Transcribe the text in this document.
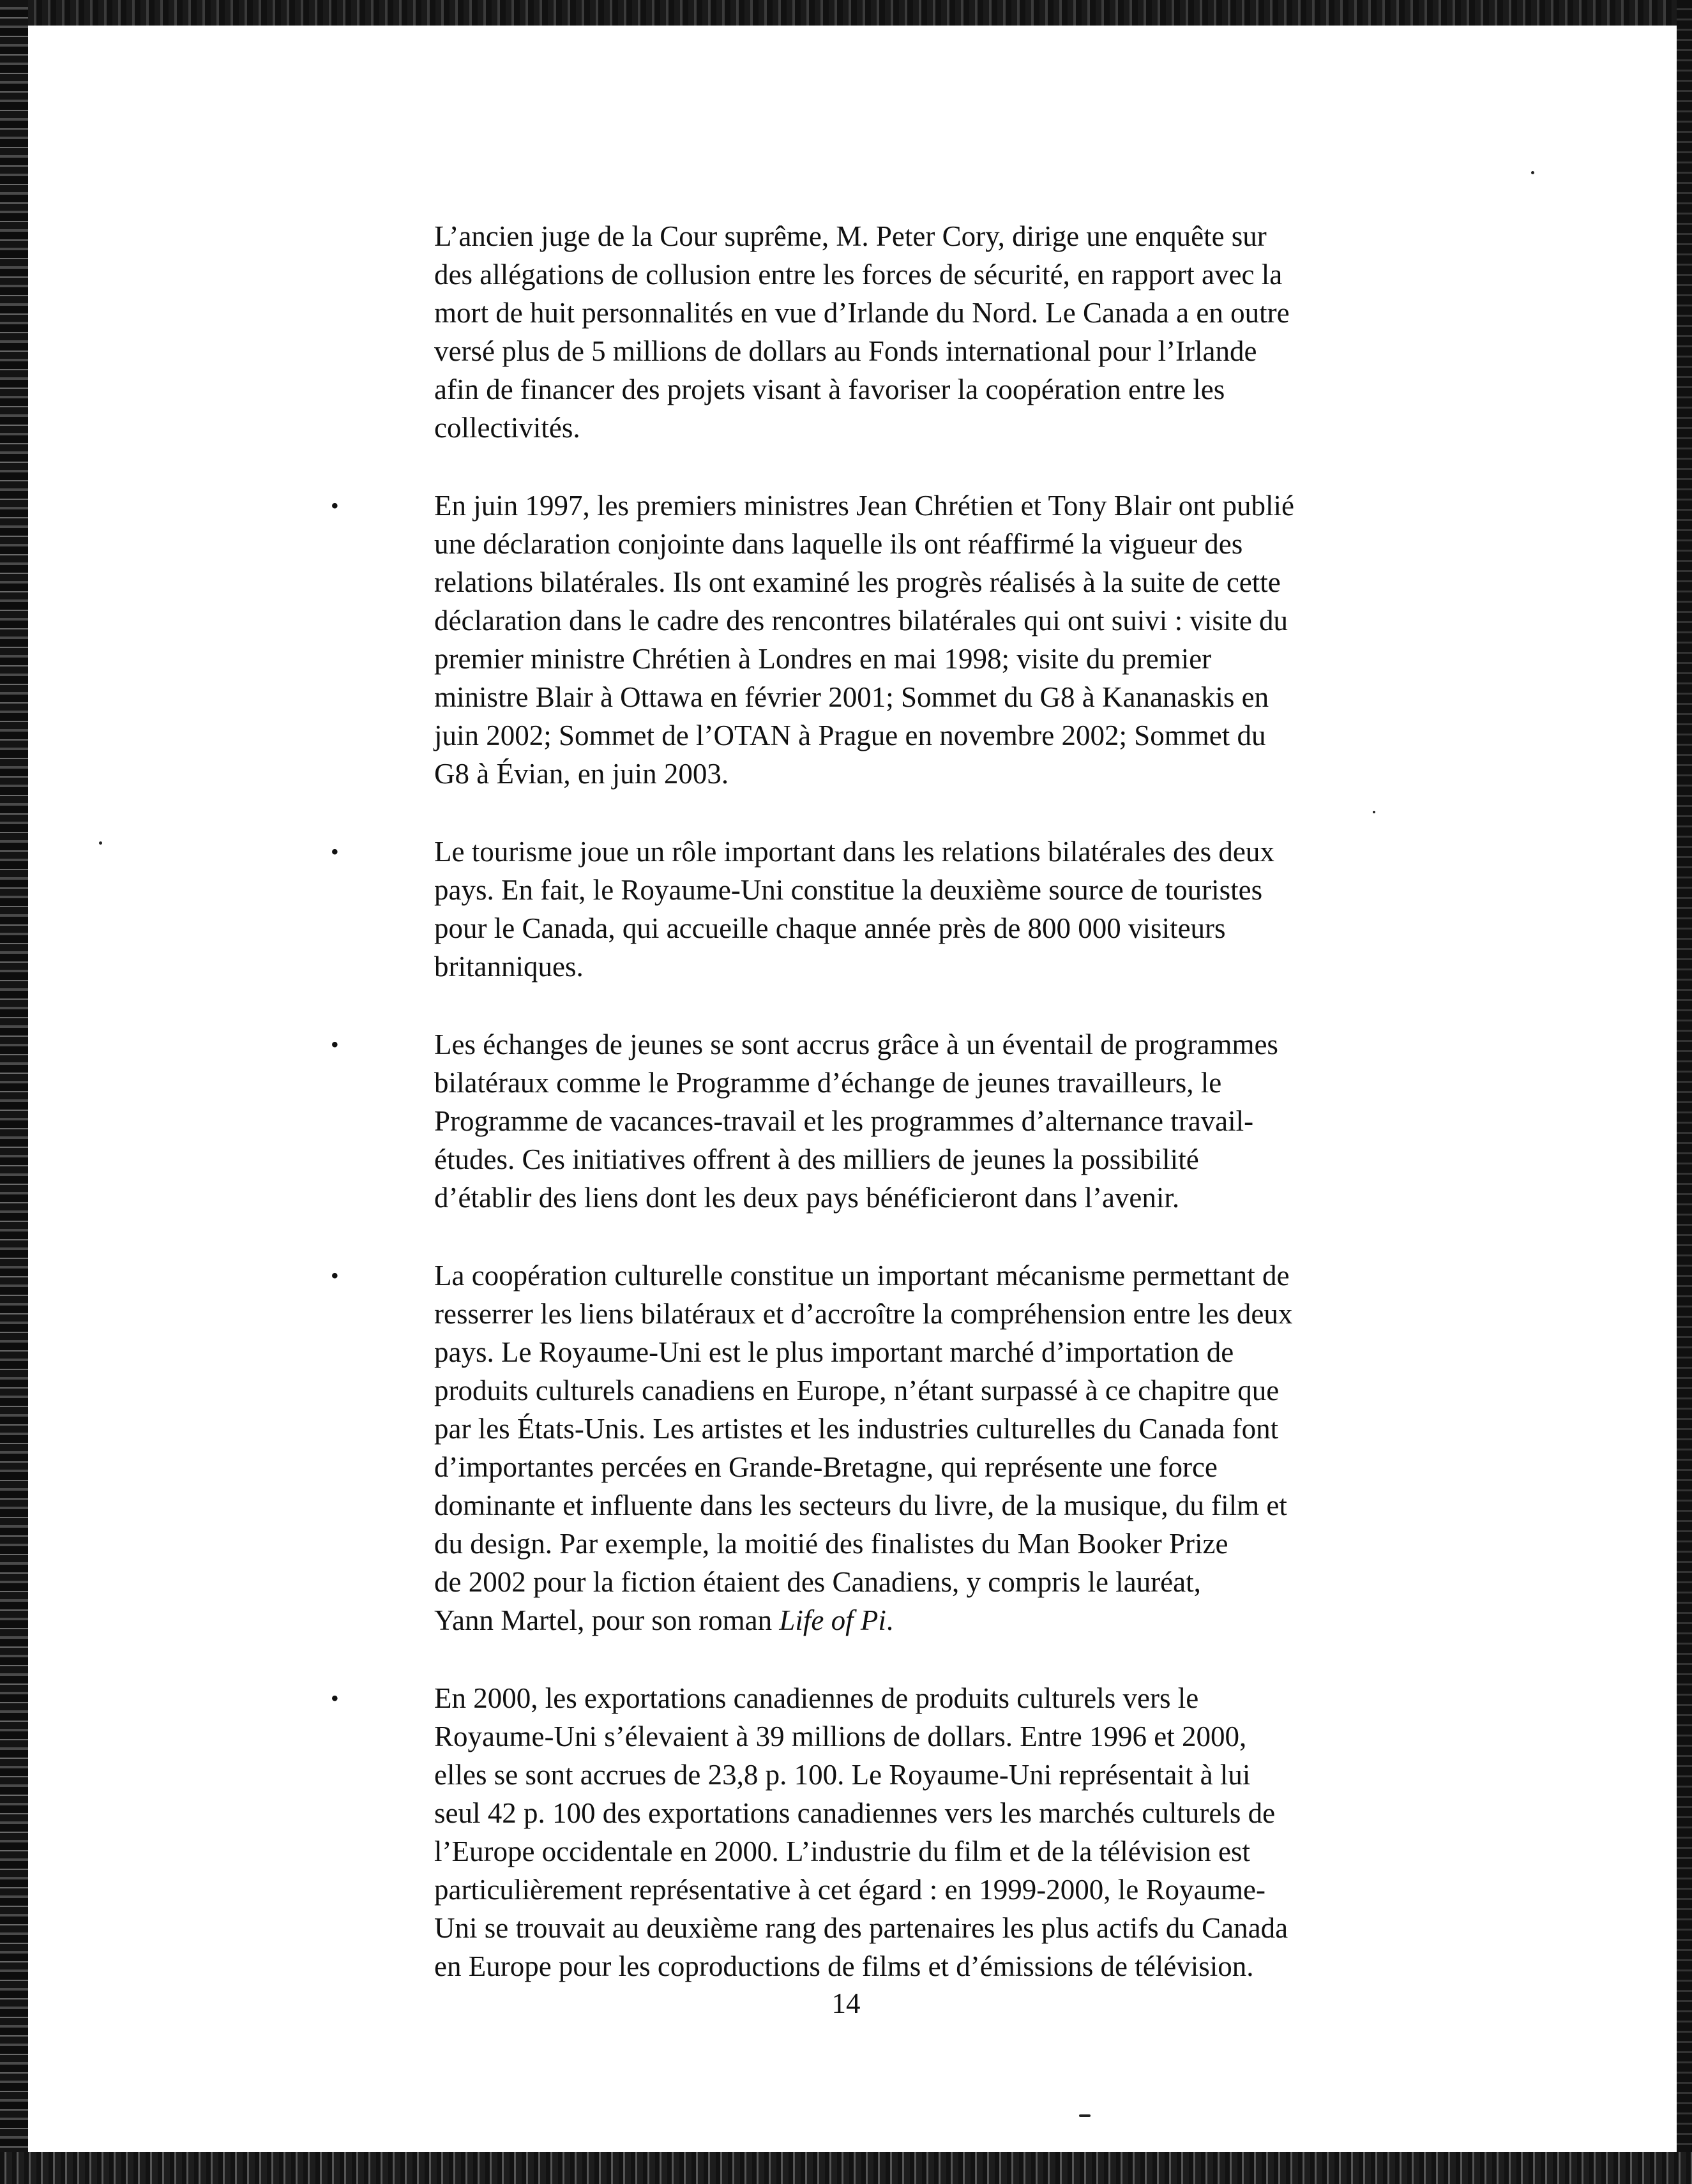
L’ancien juge de la Cour suprême, M. Peter Cory, dirige une enquête sur
des allégations de collusion entre les forces de sécurité, en rapport avec la
mort de huit personnalités en vue d’Irlande du Nord. Le Canada a en outre
versé plus de 5 millions de dollars au Fonds international pour l’Irlande
afin de financer des projets visant à favoriser la coopération entre les
collectivités.
•	En juin 1997, les premiers ministres Jean Chrétien et Tony Blair ont publié
une déclaration conjointe dans laquelle ils ont réaffirmé la vigueur des
relations bilatérales. Ils ont examiné les progrès réalisés à la suite de cette
déclaration dans le cadre des rencontres bilatérales qui ont suivi : visite du
premier ministre Chrétien à Londres en mai 1998; visite du premier
ministre Blair à Ottawa en février 2001; Sommet du G8 à Kananaskis en
juin 2002; Sommet de l’OTAN à Prague en novembre 2002; Sommet du
G8 à Évian, en juin 2003.
•	Le tourisme joue un rôle important dans les relations bilatérales des deux
pays. En fait, le Royaume-Uni constitue la deuxième source de touristes
pour le Canada, qui accueille chaque année près de 800 000 visiteurs
britanniques.
•	Les échanges de jeunes se sont accrus grâce à un éventail de programmes
bilatéraux comme le Programme d’échange de jeunes travailleurs, le
Programme de vacances-travail et les programmes d’alternance travail-
études. Ces initiatives offrent à des milliers de jeunes la possibilité
d’établir des liens dont les deux pays bénéficieront dans l’avenir.
•	La coopération culturelle constitue un important mécanisme permettant de
resserrer les liens bilatéraux et d’accroître la compréhension entre les deux
pays. Le Royaume-Uni est le plus important marché d’importation de
produits culturels canadiens en Europe, n’étant surpassé à ce chapitre que
par les États-Unis. Les artistes et les industries culturelles du Canada font
d’importantes percées en Grande-Bretagne, qui représente une force
dominante et influente dans les secteurs du livre, de la musique, du film et
du design. Par exemple, la moitié des finalistes du Man Booker Prize
de 2002 pour la fiction étaient des Canadiens, y compris le lauréat,
Yann Martel, pour son roman Life of Pi.
•	En 2000, les exportations canadiennes de produits culturels vers le
Royaume-Uni s’élevaient à 39 millions de dollars. Entre 1996 et 2000,
elles se sont accrues de 23,8 p. 100. Le Royaume-Uni représentait à lui
seul 42 p. 100 des exportations canadiennes vers les marchés culturels de
l’Europe occidentale en 2000. L’industrie du film et de la télévision est
particulièrement représentative à cet égard : en 1999-2000, le Royaume-
Uni se trouvait au deuxième rang des partenaires les plus actifs du Canada
en Europe pour les coproductions de films et d’émissions de télévision.
14
